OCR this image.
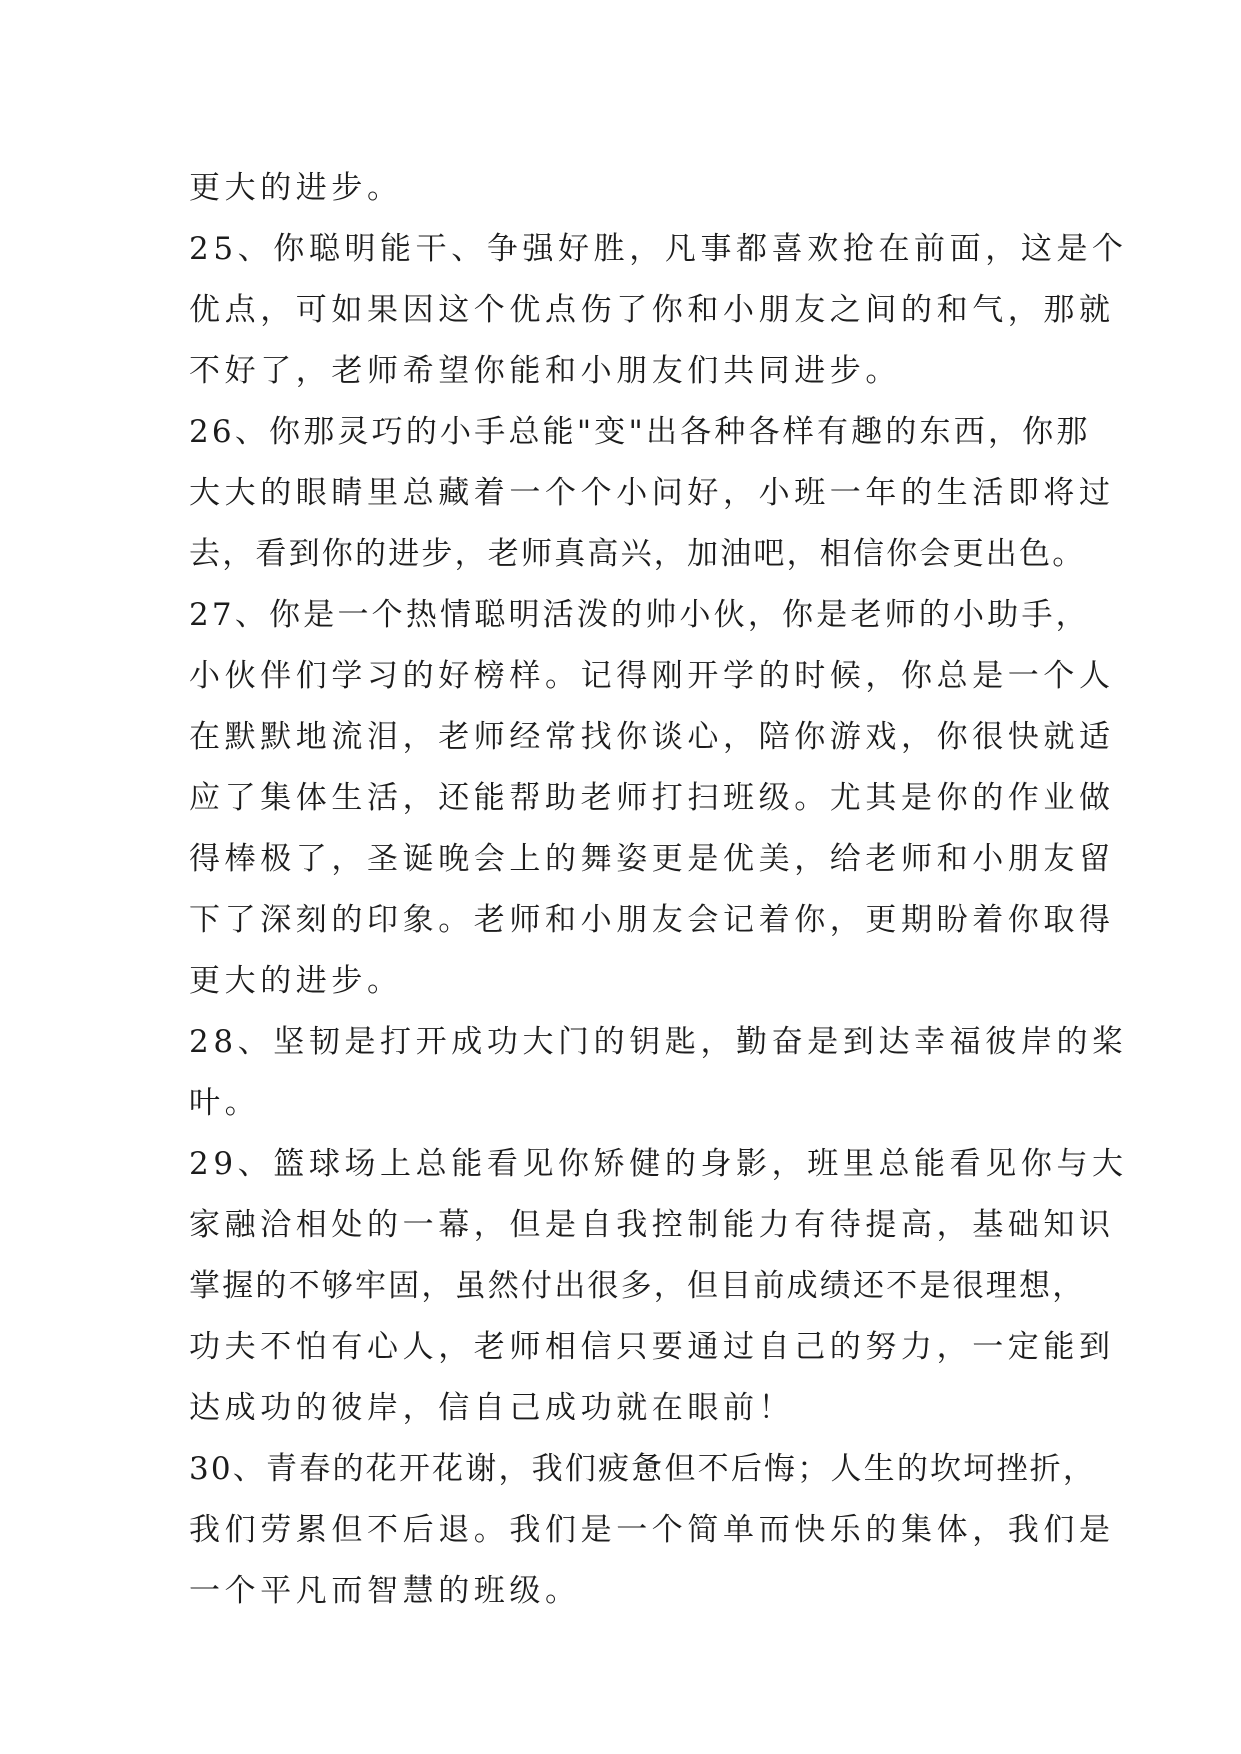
更大的进步。
25、你聪明能干、争强好胜，凡事都喜欢抢在前面，这是个
优点，可如果因这个优点伤了你和小朋友之间的和气，那就
不好了，老师希望你能和小朋友们共同进步。
26、你那灵巧的小手总能"变"出各种各样有趣的东西，你那
大大的眼睛里总藏着一个个小问好，小班一年的生活即将过
去，看到你的进步，老师真高兴，加油吧，相信你会更出色。
27、你是一个热情聪明活泼的帅小伙，你是老师的小助手，
小伙伴们学习的好榜样。记得刚开学的时候，你总是一个人
在默默地流泪，老师经常找你谈心，陪你游戏，你很快就适
应了集体生活，还能帮助老师打扫班级。尤其是你的作业做
得棒极了，圣诞晚会上的舞姿更是优美，给老师和小朋友留
下了深刻的印象。老师和小朋友会记着你，更期盼着你取得
更大的进步。
28、坚韧是打开成功大门的钥匙，勤奋是到达幸福彼岸的桨
叶。
29、篮球场上总能看见你矫健的身影，班里总能看见你与大
家融洽相处的一幕，但是自我控制能力有待提高，基础知识
掌握的不够牢固，虽然付出很多，但目前成绩还不是很理想，
功夫不怕有心人，老师相信只要通过自己的努力，一定能到
达成功的彼岸，信自己成功就在眼前！
30、青春的花开花谢，我们疲惫但不后悔；人生的坎坷挫折，
我们劳累但不后退。我们是一个简单而快乐的集体，我们是
一个平凡而智慧的班级。
